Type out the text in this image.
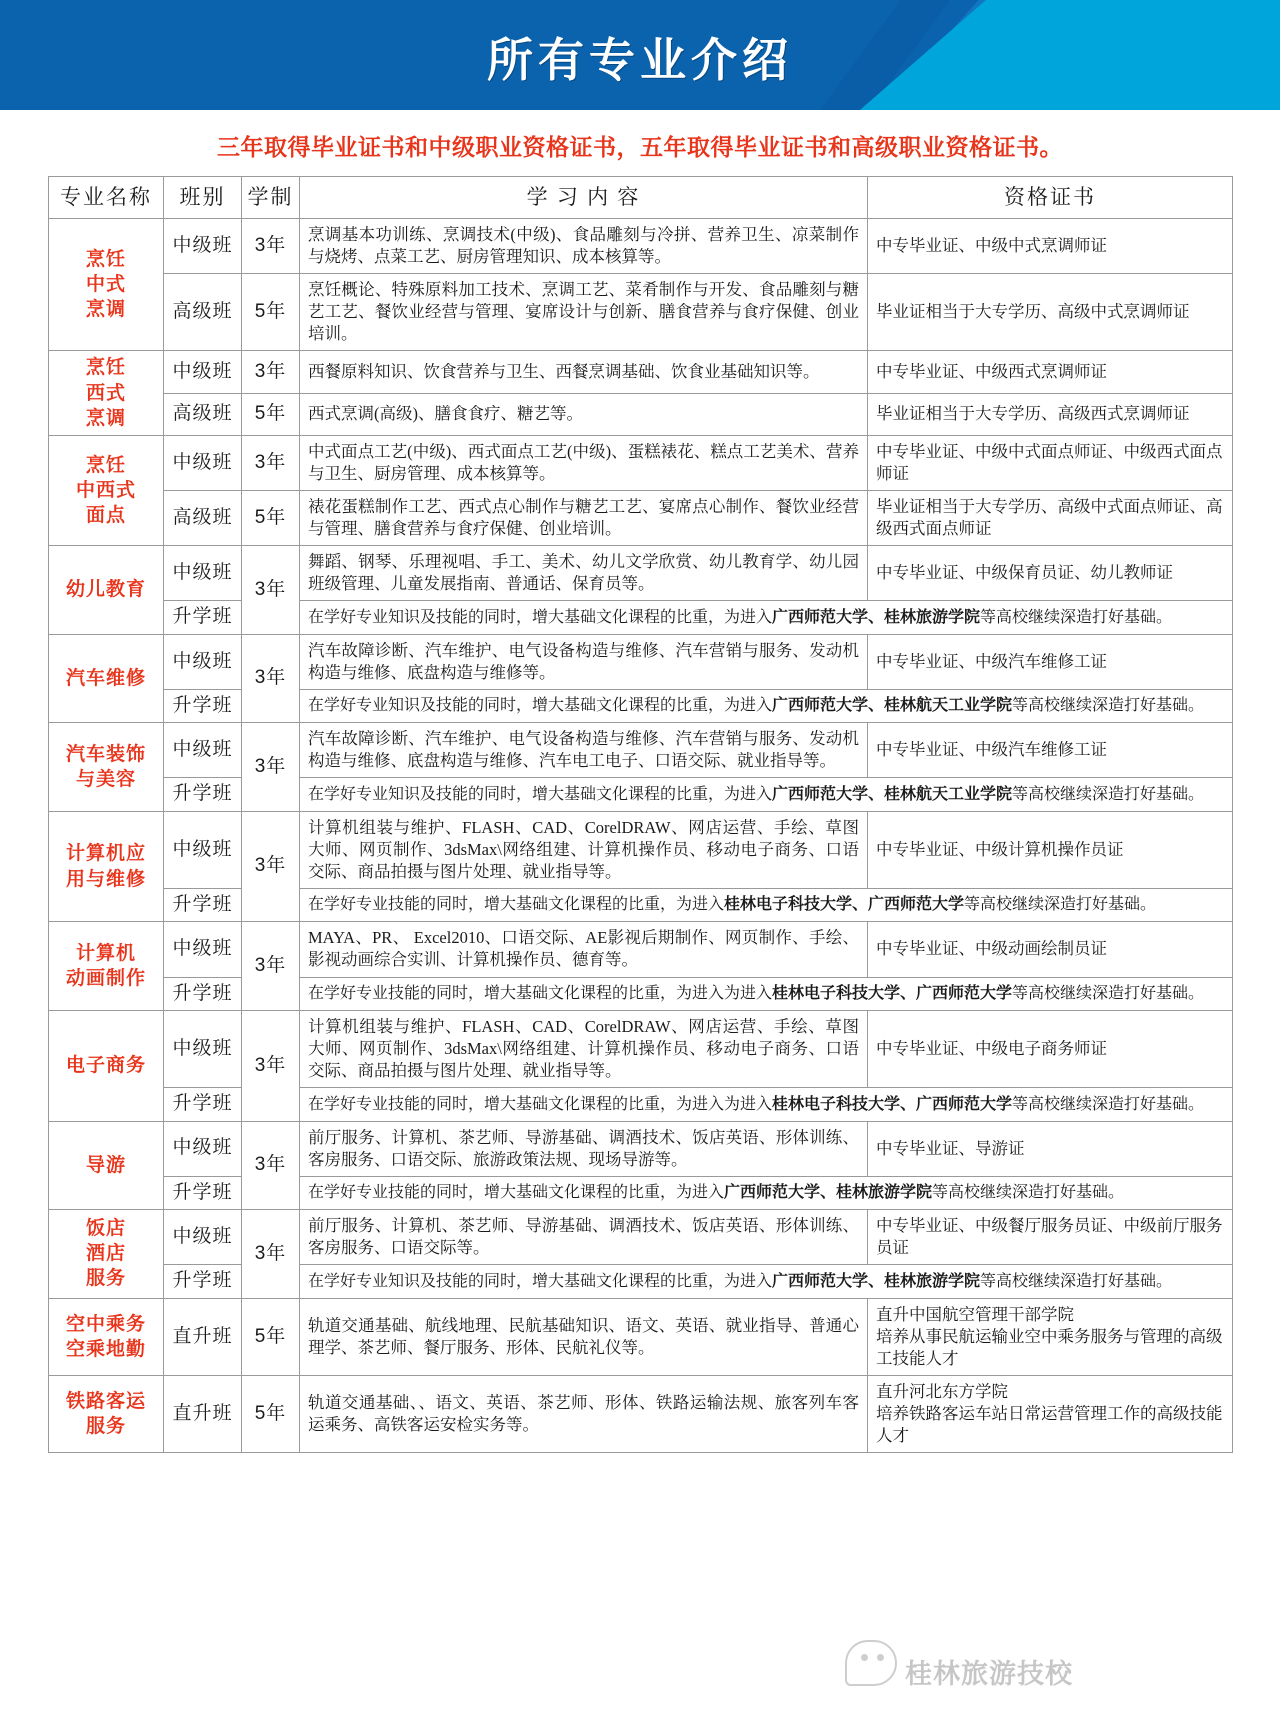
所有专业介绍
三年取得毕业证书和中级职业资格证书，五年取得毕业证书和高级职业资格证书。
专业名称	班别	学制	学 习 内 容	资格证书
烹饪
中式
烹调	中级班	3年	烹调基本功训练、烹调技术(中级)、食品雕刻与冷拼、营养卫生、凉菜制作与烧烤、点菜工艺、厨房管理知识、成本核算等。	中专毕业证、中级中式烹调师证
	高级班	5年	烹饪概论、特殊原料加工技术、烹调工艺、菜肴制作与开发、食品雕刻与糖艺工艺、餐饮业经营与管理、宴席设计与创新、膳食营养与食疗保健、创业培训。	毕业证相当于大专学历、高级中式烹调师证
烹饪
西式
烹调	中级班	3年	西餐原料知识、饮食营养与卫生、西餐烹调基础、饮食业基础知识等。	中专毕业证、中级西式烹调师证
	高级班	5年	西式烹调(高级)、膳食食疗、糖艺等。	毕业证相当于大专学历、高级西式烹调师证
烹饪
中西式
面点	中级班	3年	中式面点工艺(中级)、西式面点工艺(中级)、蛋糕裱花、糕点工艺美术、营养与卫生、厨房管理、成本核算等。	中专毕业证、中级中式面点师证、中级西式面点师证
	高级班	5年	裱花蛋糕制作工艺、西式点心制作与糖艺工艺、宴席点心制作、餐饮业经营与管理、膳食营养与食疗保健、创业培训。	毕业证相当于大专学历、高级中式面点师证、高级西式面点师证
幼儿教育	中级班	3年	舞蹈、钢琴、乐理视唱、手工、美术、幼儿文学欣赏、幼儿教育学、幼儿园班级管理、儿童发展指南、普通话、保育员等。	中专毕业证、中级保育员证、幼儿教师证
	升学班		在学好专业知识及技能的同时，增大基础文化课程的比重，为进入广西师范大学、桂林旅游学院等高校继续深造打好基础。	
汽车维修	中级班	3年	汽车故障诊断、汽车维护、电气设备构造与维修、汽车营销与服务、发动机构造与维修、底盘构造与维修等。	中专毕业证、中级汽车维修工证
	升学班		在学好专业知识及技能的同时，增大基础文化课程的比重，为进入广西师范大学、桂林航天工业学院等高校继续深造打好基础。	
汽车装饰
与美容	中级班	3年	汽车故障诊断、汽车维护、电气设备构造与维修、汽车营销与服务、发动机构造与维修、底盘构造与维修、汽车电工电子、口语交际、就业指导等。	中专毕业证、中级汽车维修工证
	升学班		在学好专业知识及技能的同时，增大基础文化课程的比重，为进入广西师范大学、桂林航天工业学院等高校继续深造打好基础。	
计算机应
用与维修	中级班	3年	计算机组装与维护、FLASH、CAD、CorelDRAW、网店运营、手绘、草图大师、网页制作、3dsMax\网络组建、计算机操作员、移动电子商务、口语交际、商品拍摄与图片处理、就业指导等。	中专毕业证、中级计算机操作员证
	升学班		在学好专业技能的同时，增大基础文化课程的比重，为进入桂林电子科技大学、广西师范大学等高校继续深造打好基础。	
计算机
动画制作	中级班	3年	MAYA、PR、 Excel2010、口语交际、AE影视后期制作、网页制作、手绘、影视动画综合实训、计算机操作员、德育等。	中专毕业证、中级动画绘制员证
	升学班		在学好专业技能的同时，增大基础文化课程的比重，为进入为进入桂林电子科技大学、广西师范大学等高校继续深造打好基础。	
电子商务	中级班	3年	计算机组装与维护、FLASH、CAD、CorelDRAW、网店运营、手绘、草图大师、网页制作、3dsMax\网络组建、计算机操作员、移动电子商务、口语交际、商品拍摄与图片处理、就业指导等。	中专毕业证、中级电子商务师证
	升学班		在学好专业技能的同时，增大基础文化课程的比重，为进入为进入桂林电子科技大学、广西师范大学等高校继续深造打好基础。	
导游	中级班	3年	前厅服务、计算机、茶艺师、导游基础、调酒技术、饭店英语、形体训练、客房服务、口语交际、旅游政策法规、现场导游等。	中专毕业证、导游证
	升学班		在学好专业技能的同时，增大基础文化课程的比重，为进入广西师范大学、桂林旅游学院等高校继续深造打好基础。	
饭店
酒店
服务	中级班	3年	前厅服务、计算机、茶艺师、导游基础、调酒技术、饭店英语、形体训练、客房服务、口语交际等。	中专毕业证、中级餐厅服务员证、中级前厅服务员证
	升学班		在学好专业知识及技能的同时，增大基础文化课程的比重，为进入广西师范大学、桂林旅游学院等高校继续深造打好基础。	
空中乘务
空乘地勤	直升班	5年	轨道交通基础、航线地理、民航基础知识、语文、英语、就业指导、普通心理学、茶艺师、餐厅服务、形体、民航礼仪等。	直升中国航空管理干部学院
培养从事民航运输业空中乘务服务与管理的高级工技能人才
铁路客运
服务	直升班	5年	轨道交通基础、、语文、英语、茶艺师、形体、铁路运输法规、旅客列车客运乘务、高铁客运安检实务等。	直升河北东方学院
培养铁路客运车站日常运营管理工作的高级技能人才
桂林旅游技校
